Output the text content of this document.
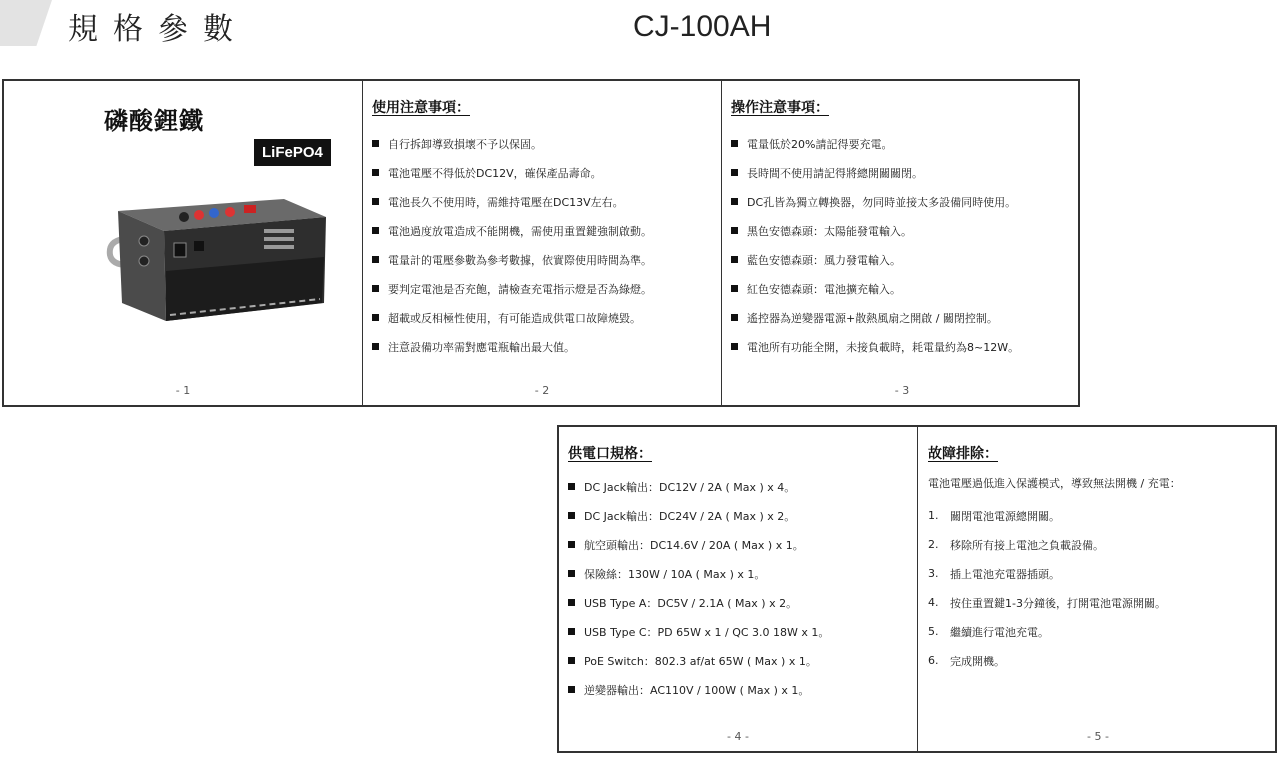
規格參數	CJ-100AH
磷酸鋰鐵
LiFePO4
- 1
使用注意事項：
自行拆卸導致損壞不予以保固。
電池電壓不得低於DC12V，確保產品壽命。
電池長久不使用時，需維持電壓在DC13V左右。
電池過度放電造成不能開機，需使用重置鍵強制啟動。
電量計的電壓參數為參考數據，依實際使用時間為準。
要判定電池是否充飽，請檢查充電指示燈是否為綠燈。
超載或反相極性使用，有可能造成供電口故障燒毀。
注意設備功率需對應電瓶輸出最大值。
- 2
操作注意事項：
電量低於20%請記得要充電。
長時間不使用請記得將總開關關閉。
DC孔皆為獨立轉換器，勿同時並接太多設備同時使用。
黑色安德森頭：太陽能發電輸入。
藍色安德森頭：風力發電輸入。
紅色安德森頭：電池擴充輸入。
遙控器為逆變器電源+散熱風扇之開啟 / 關閉控制。
電池所有功能全開，未接負載時，耗電量約為8~12W。
- 3
供電口規格：
DC Jack輸出：DC12V / 2A ( Max ) x 4。
DC Jack輸出：DC24V / 2A ( Max ) x 2。
航空頭輸出：DC14.6V / 20A ( Max ) x 1。
保險絲：130W / 10A ( Max ) x 1。
USB Type A：DC5V / 2.1A ( Max ) x 2。
USB Type C：PD 65W x 1 / QC 3.0 18W x 1。
PoE Switch：802.3 af/at 65W ( Max ) x 1。
逆變器輸出：AC110V / 100W ( Max ) x 1。
- 4 -
故障排除：
電池電壓過低進入保護模式，導致無法開機 / 充電：
1.	關閉電池電源總開關。
2.	移除所有接上電池之負載設備。
3.	插上電池充電器插頭。
4.	按住重置鍵1-3分鐘後，打開電池電源開關。
5.	繼續進行電池充電。
6.	完成開機。
- 5 -
